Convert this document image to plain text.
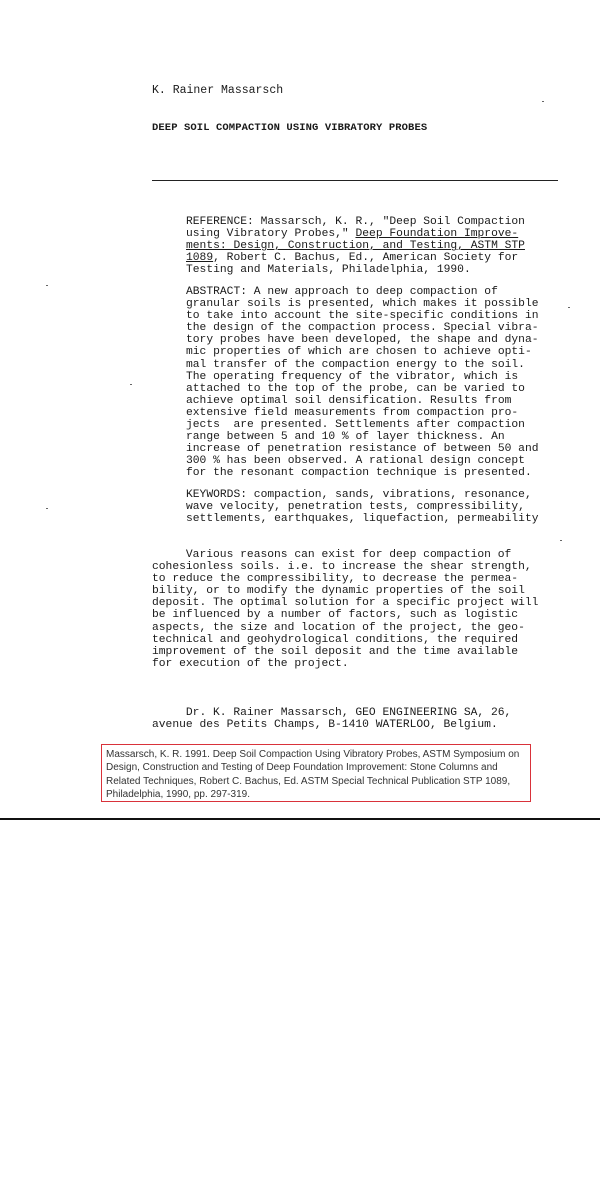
K. Rainer Massarsch
DEEP SOIL COMPACTION USING VIBRATORY PROBES

REFERENCE: Massarsch, K. R., "Deep Soil Compaction

using Vibratory Probes," Deep Foundation Improve-

ments: Design, Construction, and Testing, ASTM STP

1089, Robert C. Bachus, Ed., American Society for

Testing and Materials, Philadelphia, 1990.

ABSTRACT: A new approach to deep compaction of

granular soils is presented, which makes it possible

to take into account the site-specific conditions in

the design of the compaction process. Special vibra-

tory probes have been developed, the shape and dyna-

mic properties of which are chosen to achieve opti-

mal transfer of the compaction energy to the soil.

The operating frequency of the vibrator, which is

attached to the top of the probe, can be varied to

achieve optimal soil densification. Results from

extensive field measurements from compaction pro-

jects  are presented. Settlements after compaction

range between 5 and 10 % of layer thickness. An

increase of penetration resistance of between 50 and

300 % has been observed. A rational design concept

for the resonant compaction technique is presented.

KEYWORDS: compaction, sands, vibrations, resonance,

wave velocity, penetration tests, compressibility,

settlements, earthquakes, liquefaction, permeability

Various reasons can exist for deep compaction of

cohesionless soils. i.e. to increase the shear strength,

to reduce the compressibility, to decrease the permea-

bility, or to modify the dynamic properties of the soil

deposit. The optimal solution for a specific project will

be influenced by a number of factors, such as logistic

aspects, the size and location of the project, the geo-

technical and geohydrological conditions, the required

improvement of the soil deposit and the time available

for execution of the project.

Dr. K. Rainer Massarsch, GEO ENGINEERING SA, 26,

avenue des Petits Champs, B-1410 WATERLOO, Belgium.

Massarsch, K. R. 1991. Deep Soil Compaction Using Vibratory Probes, ASTM Symposium on

Design, Construction and Testing of Deep Foundation Improvement: Stone Columns and

Related Techniques, Robert C. Bachus, Ed. ASTM Special Technical Publication STP 1089,

Philadelphia, 1990, pp. 297-319.
